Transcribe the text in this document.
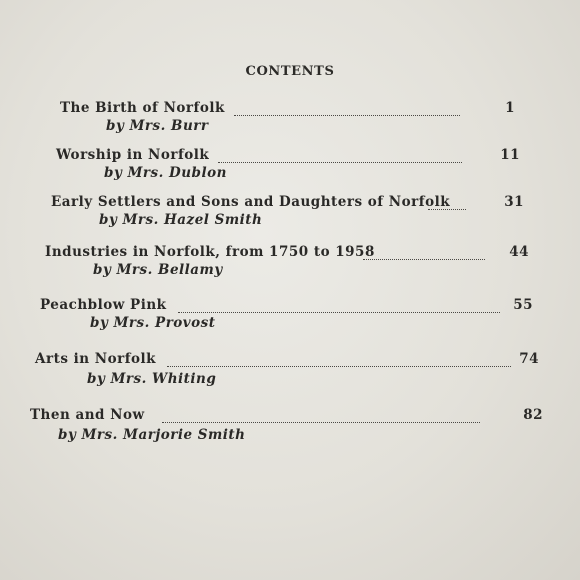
CONTENTS
The Birth of Norfolk	1
by Mrs. Burr
Worship in Norfolk	11
by Mrs. Dublon
Early Settlers and Sons and Daughters of Norfolk	31
by Mrs. Hazel Smith
Industries in Norfolk, from 1750 to 1958	44
by Mrs. Bellamy
Peachblow Pink	55
by Mrs. Provost
Arts in Norfolk	74
by Mrs. Whiting
Then and Now	82
by Mrs. Marjorie Smith
